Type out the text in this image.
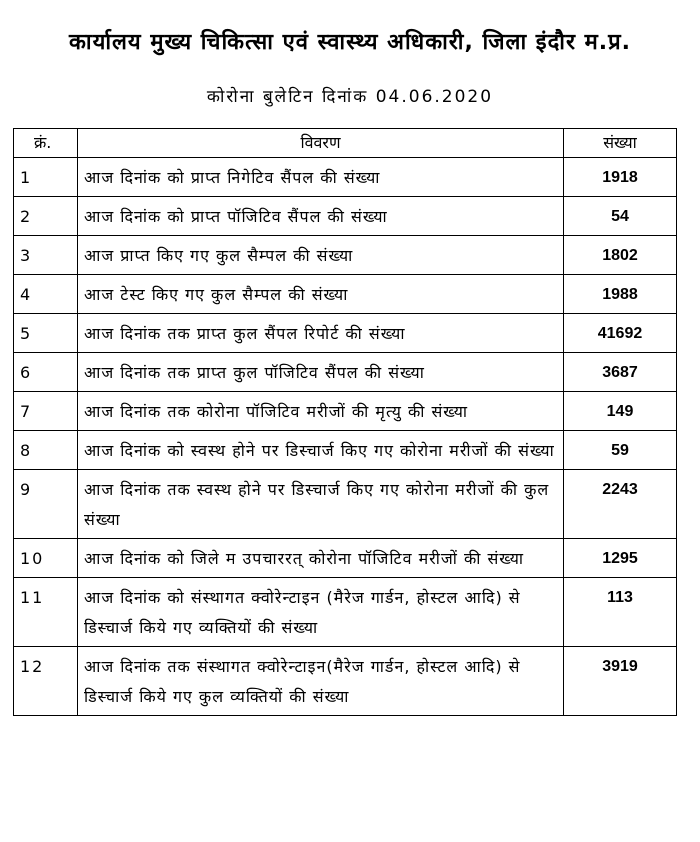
कार्यालय मुख्य चिकित्सा एवं स्वास्थ्य अधिकारी, जिला इंदौर म.प्र.
कोरोना बुलेटिन दिनांक 04.06.2020
क्रं.	विवरण	संख्या
1	आज दिनांक को प्राप्त निगेटिव सैंपल की संख्या	1918
2	आज दिनांक को प्राप्त पॉजिटिव सैंपल की संख्या	54
3	आज प्राप्त किए गए कुल सैम्पल की संख्या	1802
4	आज टेस्ट किए गए कुल सैम्पल की संख्या	1988
5	आज दिनांक तक प्राप्त कुल सैंपल रिपोर्ट की संख्या	41692
6	आज दिनांक तक प्राप्त कुल पॉजिटिव सैंपल की संख्या	3687
7	आज दिनांक तक कोरोना पॉजिटिव मरीजों की मृत्यु की संख्या	149
8	आज दिनांक को स्वस्थ होने पर डिस्चार्ज किए गए कोरोना मरीजों की संख्या	59
9	आज दिनांक तक स्वस्थ होने पर डिस्चार्ज किए गए कोरोना मरीजों की कुल संख्या	2243
10	आज दिनांक को जिले म उपचाररत् कोरोना पॉजिटिव मरीजों की संख्या	1295
11	आज दिनांक को संस्थागत क्वोरेन्टाइन (मैरेज गार्डन, होस्टल आदि) से डिस्चार्ज किये गए व्यक्तियों की संख्या	113
12	आज दिनांक तक संस्थागत क्वोरेन्टाइन(मैरेज गार्डन, होस्टल आदि) से डिस्चार्ज किये गए कुल व्यक्तियों की संख्या	3919
